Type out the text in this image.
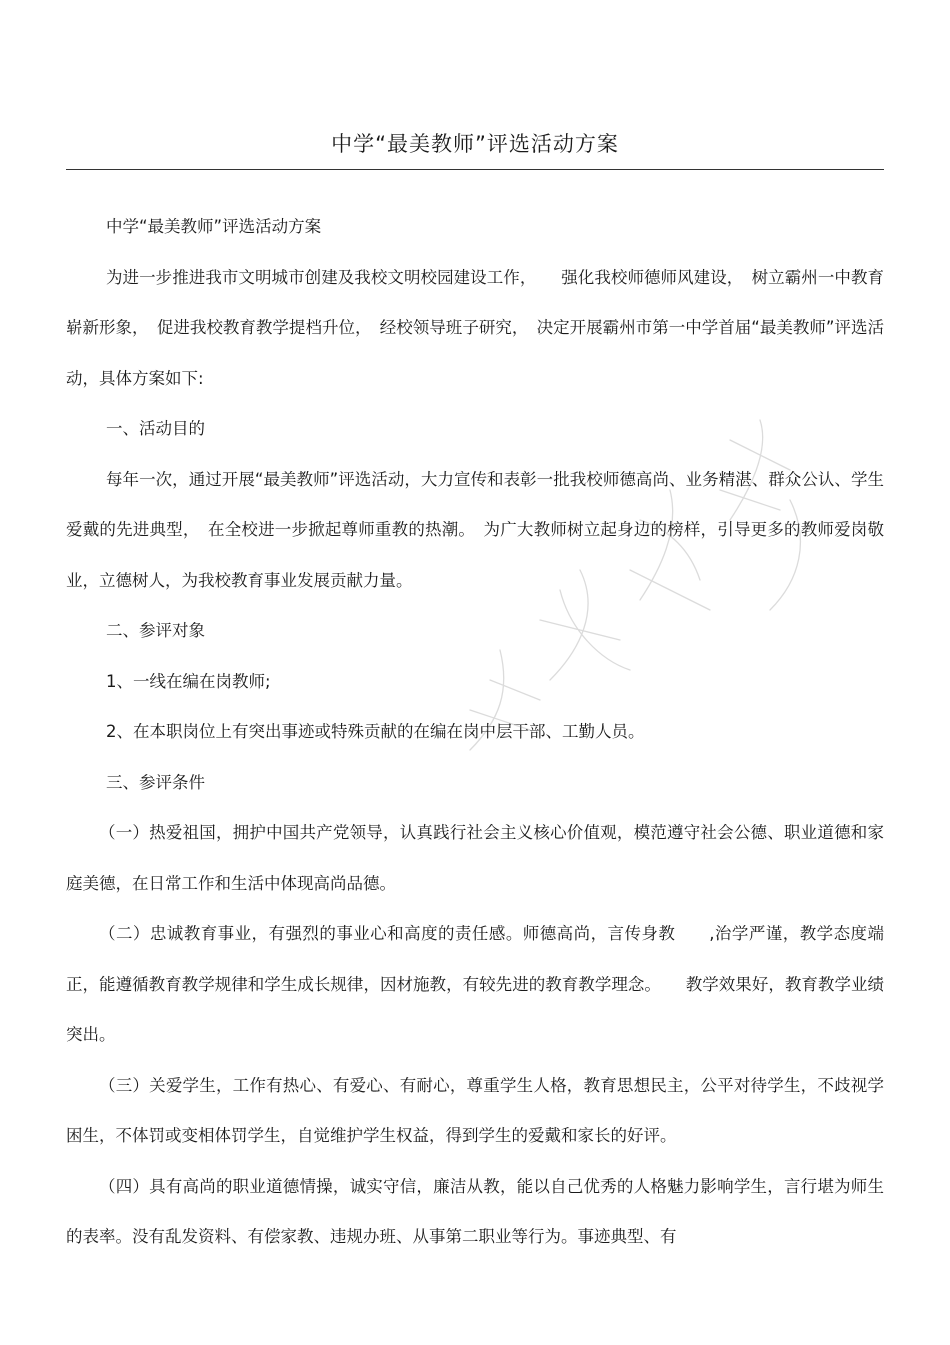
中学“最美教师”评选活动方案

中学“最美教师”评选活动方案

为进一步推进我市文明城市创建及我校文明校园建设工作，　　强化我校师德师风建设，　树立霸州一中教育崭新形象，　促进我校教育教学提档升位，　经校领导班子研究，　决定开展霸州市第一中学首届“最美教师”评选活动，具体方案如下:

一、活动目的

每年一次，通过开展“最美教师”评选活动，大力宣传和表彰一批我校师德高尚、业务精湛、群众公认、学生爱戴的先进典型，　在全校进一步掀起尊师重教的热潮。　为广大教师树立起身边的榜样，引导更多的教师爱岗敬业，立德树人，为我校教育事业发展贡献力量。

二、参评对象

1、一线在编在岗教师;

2、在本职岗位上有突出事迹或特殊贡献的在编在岗中层干部、工勤人员。

三、参评条件

（一）热爱祖国，拥护中国共产党领导，认真践行社会主义核心价值观，模范遵守社会公德、职业道德和家庭美德，在日常工作和生活中体现高尚品德。

（二）忠诚教育事业，有强烈的事业心和高度的责任感。师德高尚，言传身教　　,治学严谨，教学态度端正，能遵循教育教学规律和学生成长规律，因材施教，有较先进的教育教学理念。　　教学效果好，教育教学业绩突出。

（三）关爱学生，工作有热心、有爱心、有耐心，尊重学生人格，教育思想民主，公平对待学生，不歧视学困生，不体罚或变相体罚学生，自觉维护学生权益，得到学生的爱戴和家长的好评。

（四）具有高尚的职业道德情操，诚实守信，廉洁从教，能以自己优秀的人格魅力影响学生，言行堪为师生的表率。没有乱发资料、有偿家教、违规办班、从事第二职业等行为。事迹典型、有
